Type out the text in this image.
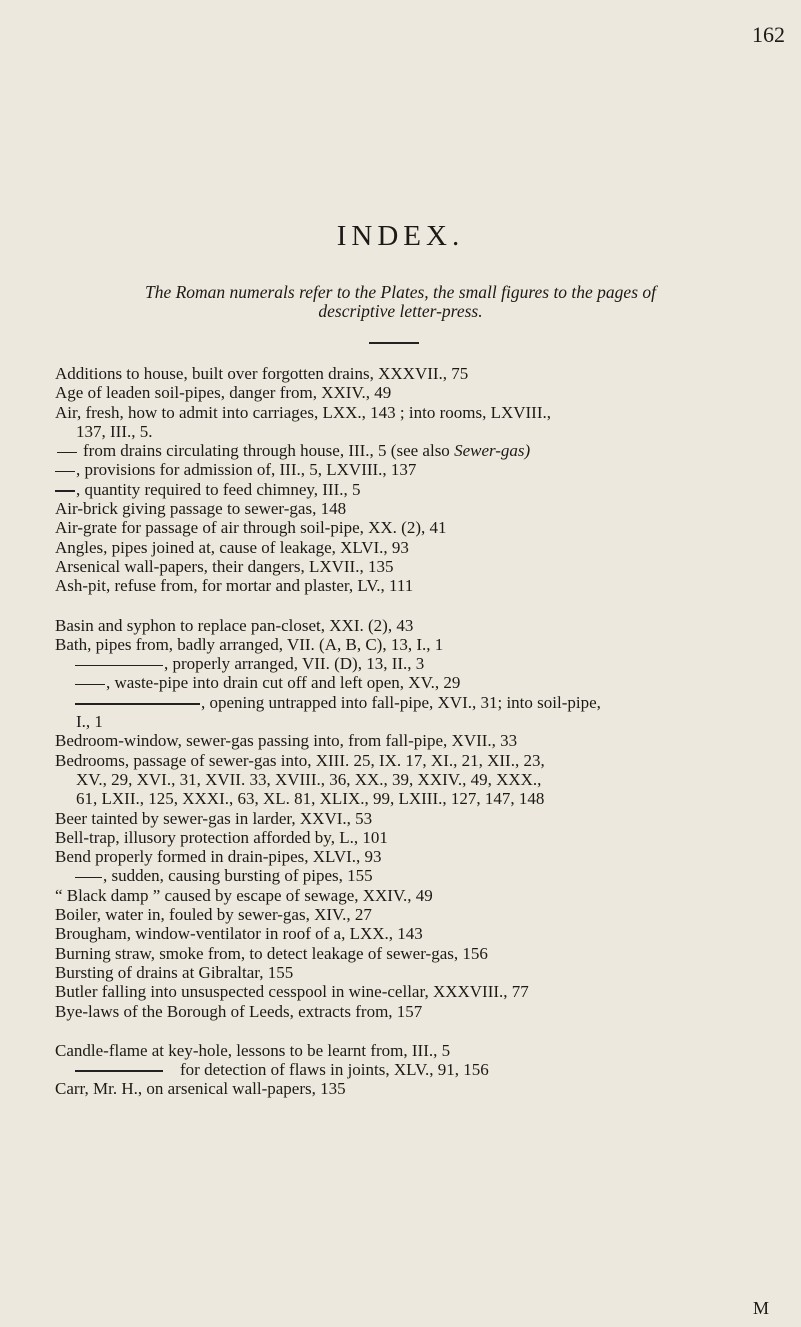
162
INDEX.
The Roman numerals refer to the Plates, the small figures to the pages of
descriptive letter-press.
Additions to house, built over forgotten drains, XXXVII., 75
Age of leaden soil-pipes, danger from, XXIV., 49
Air, fresh, how to admit into carriages, LXX., 143 ; into rooms, LXVIII.,
137, III., 5.
from drains circulating through house, III., 5 (see also Sewer-gas)
, provisions for admission of, III., 5, LXVIII., 137
, quantity required to feed chimney, III., 5
Air-brick giving passage to sewer-gas, 148
Air-grate for passage of air through soil-pipe, XX. (2), 41
Angles, pipes joined at, cause of leakage, XLVI., 93
Arsenical wall-papers, their dangers, LXVII., 135
Ash-pit, refuse from, for mortar and plaster, LV., 111
Basin and syphon to replace pan-closet, XXI. (2), 43
Bath, pipes from, badly arranged, VII. (A, B, C), 13, I., 1
, properly arranged, VII. (D), 13, II., 3
, waste-pipe into drain cut off and left open, XV., 29
, opening untrapped into fall-pipe, XVI., 31; into soil-pipe,
I., 1
Bedroom-window, sewer-gas passing into, from fall-pipe, XVII., 33
Bedrooms, passage of sewer-gas into, XIII. 25, IX. 17, XI., 21, XII., 23,
XV., 29, XVI., 31, XVII. 33, XVIII., 36, XX., 39, XXIV., 49, XXX.,
61, LXII., 125, XXXI., 63, XL. 81, XLIX., 99, LXIII., 127, 147, 148
Beer tainted by sewer-gas in larder, XXVI., 53
Bell-trap, illusory protection afforded by, L., 101
Bend properly formed in drain-pipes, XLVI., 93
, sudden, causing bursting of pipes, 155
“ Black damp ” caused by escape of sewage, XXIV., 49
Boiler, water in, fouled by sewer-gas, XIV., 27
Brougham, window-ventilator in roof of a, LXX., 143
Burning straw, smoke from, to detect leakage of sewer-gas, 156
Bursting of drains at Gibraltar, 155
Butler falling into unsuspected cesspool in wine-cellar, XXXVIII., 77
Bye-laws of the Borough of Leeds, extracts from, 157
Candle-flame at key-hole, lessons to be learnt from, III., 5
for detection of flaws in joints, XLV., 91, 156
Carr, Mr. H., on arsenical wall-papers, 135
M
